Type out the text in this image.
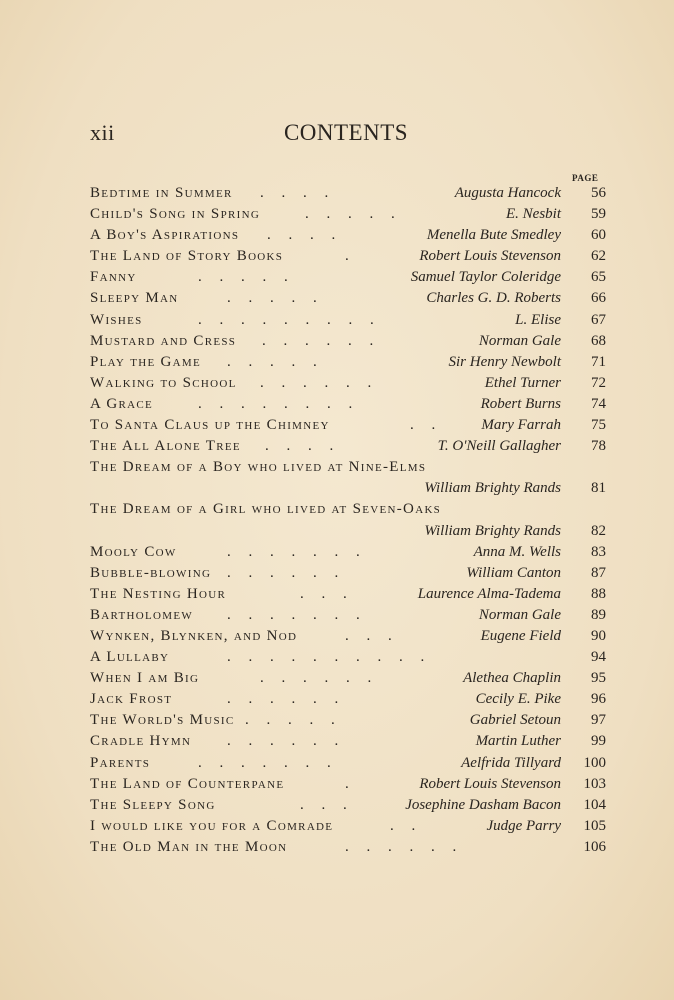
xii	CONTENTS
PAGE
Bedtime in Summer . . . .	Augusta Hancock	56
Child's Song in Spring	. . . . .	E. Nesbit	59
A Boy's Aspirations . . . .	Menella Bute Smedley	60
The Land of Story Books	.	Robert Louis Stevenson	62
Fanny	. . . . .	Samuel Taylor Coleridge	65
Sleepy Man	. . . . .	Charles G. D. Roberts	66
Wishes	. . . . . . . . .	L. Elise	67
Mustard and Cress . . . . . .	Norman Gale	68
Play the Game . . . . .	Sir Henry Newbolt	71
Walking to School . . . . . .	Ethel Turner	72
A Grace	. . . . . . . .	Robert Burns	74
To Santa Claus up the Chimney	. .	Mary Farrah	75
The All Alone Tree . . . .	T. O'Neill Gallagher	78
The Dream of a Boy who lived at Nine-Elms
William Brighty Rands	81
The Dream of a Girl who lived at Seven-Oaks
William Brighty Rands	82
Mooly Cow	. . . . . . .	Anna M. Wells	83
Bubble-blowing . . . . . .	William Canton	87
The Nesting Hour	. . .	Laurence Alma-Tadema	88
Bartholomew . . . . . . .	Norman Gale	89
Wynken, Blynken, and Nod	. . .	Eugene Field	90
A Lullaby	. . . . . . . . . .	94
When I am Big	. . . . . .	Alethea Chaplin	95
Jack Frost	. . . . . .	Cecily E. Pike	96
The World's Music . . . . .	Gabriel Setoun	97
Cradle Hymn . . . . . .	Martin Luther	99
Parents	. . . . . . .	Aelfrida Tillyard	100
The Land of Counterpane	.	Robert Louis Stevenson	103
The Sleepy Song	. . .	Josephine Dasham Bacon	104
I would like you for a Comrade	. .	Judge Parry	105
The Old Man in the Moon	. . . . . .	106
